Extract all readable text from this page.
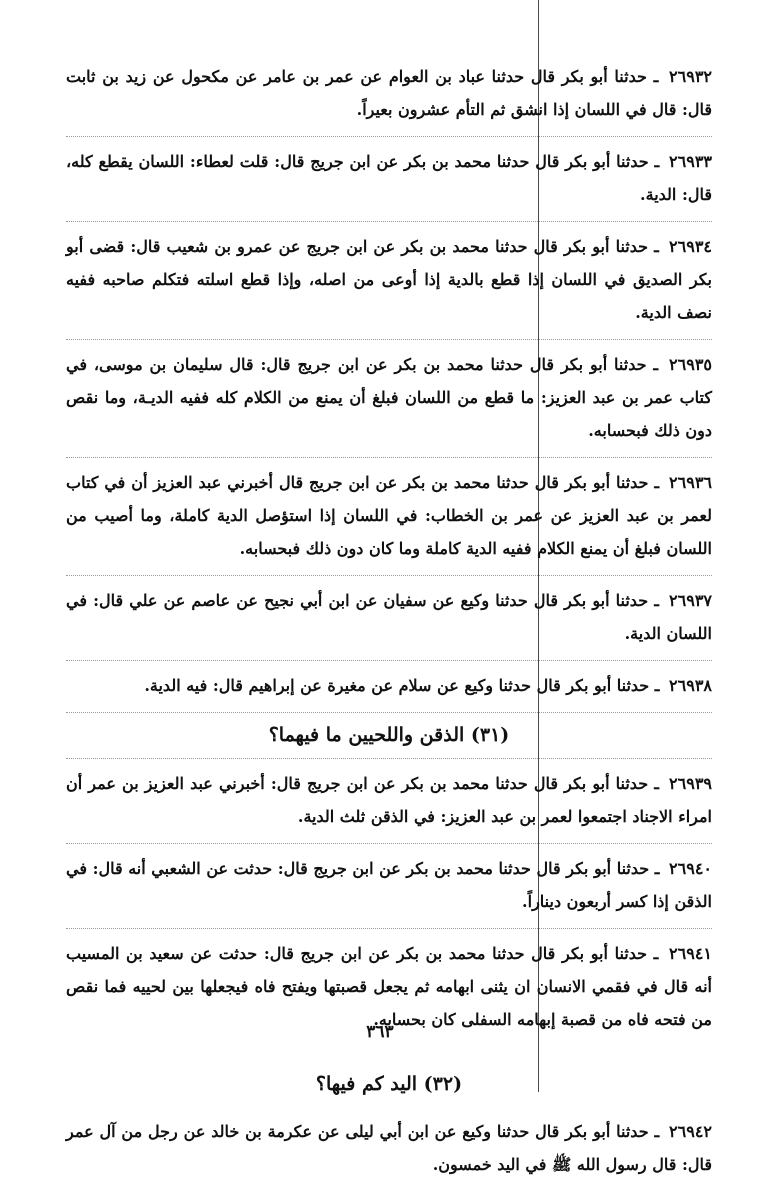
٢٦٩٣٢ ـ حدثنا أبو بكر قال حدثنا عباد بن العوام عن عمر بن عامر عن مكحول عن زيد بن ثابت قال: قال في اللسان إذا انشق ثم التأم عشرون بعيراً.

٢٦٩٣٣ ـ حدثنا أبو بكر قال حدثنا محمد بن بكر عن ابن جريج قال: قلت لعطاء: اللسان يقطع كله، قال: الدية.

٢٦٩٣٤ ـ حدثنا أبو بكر قال حدثنا محمد بن بكر عن ابن جريج عن عمرو بن شعيب قال: قضى أبو بكر الصديق في اللسان إذا قطع بالدية إذا أوعى من اصله، وإذا قطع اسلته فتكلم صاحبه ففيه نصف الدية.

٢٦٩٣٥ ـ حدثنا أبو بكر قال حدثنا محمد بن بكر عن ابن جريج قال: قال سليمان بن موسى، في كتاب عمر بن عبد العزيز: ما قطع من اللسان فبلغ أن يمنع من الكلام كله ففيه الديـة، وما نقص دون ذلك فبحسابه.

٢٦٩٣٦ ـ حدثنا أبو بكر قال حدثنا محمد بن بكر عن ابن جريج قال أخبرني عبد العزيز أن في كتاب لعمر بن عبد العزيز عن عمر بن الخطاب: في اللسان إذا استؤصل الدية كاملة، وما أصيب من اللسان فبلغ أن يمنع الكلام ففيه الدية كاملة وما كان دون ذلك فبحسابه.

٢٦٩٣٧ ـ حدثنا أبو بكر قال حدثنا وكيع عن سفيان عن ابن أبي نجيح عن عاصم عن علي قال: في اللسان الدية.

٢٦٩٣٨ ـ حدثنا أبو بكر قال حدثنا وكيع عن سلام عن مغيرة عن إبراهيم قال: فيه الدية.

(٣١) الذقن واللحيين ما فيهما؟

٢٦٩٣٩ ـ حدثنا أبو بكر قال حدثنا محمد بن بكر عن ابن جريج قال: أخبرني عبد العزيز بن عمر أن امراء الاجناد اجتمعوا لعمر بن عبد العزيز: في الذقن ثلث الدية.

٢٦٩٤٠ ـ حدثنا أبو بكر قال حدثنا محمد بن بكر عن ابن جريج قال: حدثت عن الشعبي أنه قال: في الذقن إذا كسر أربعون ديناراً.

٢٦٩٤١ ـ حدثنا أبو بكر قال حدثنا محمد بن بكر عن ابن جريج قال: حدثت عن سعيد بن المسيب أنه قال في فقمي الانسان ان يثنى ابهامه ثم يجعل قصبتها ويفتح فاه فيجعلها بين لحييه فما نقص من فتحه فاه من قصبة إبهامه السفلى كان بحسابه.

(٣٢) اليد كم فيها؟

٢٦٩٤٢ ـ حدثنا أبو بكر قال حدثنا وكيع عن ابن أبي ليلى عن عكرمة بن خالد عن رجل من آل عمر قال: قال رسول الله ﷺ في اليد خمسون.

٣٦٣
